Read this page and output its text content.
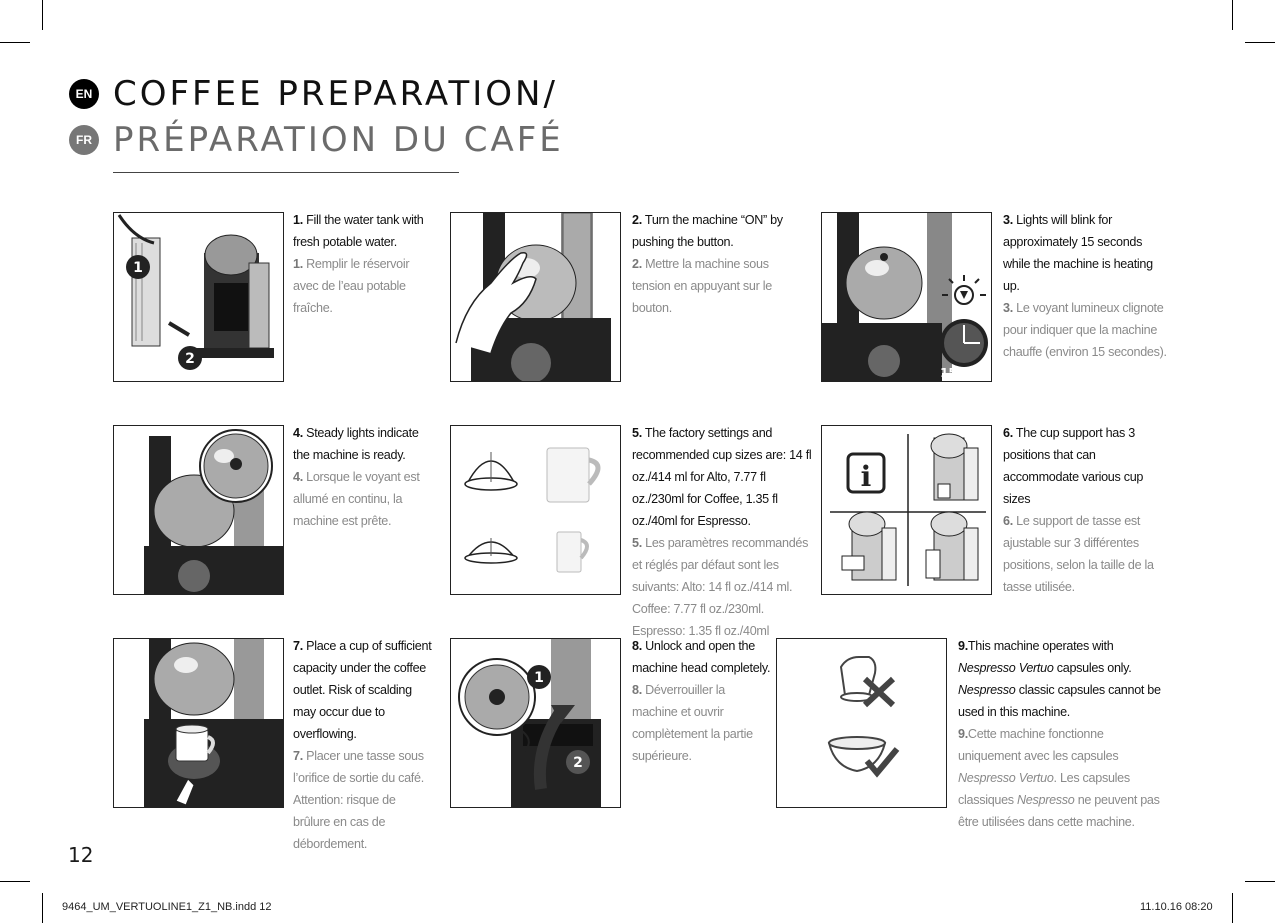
EN
FR
COFFEE PREPARATION/
PRÉPARATION DU CAFÉ
1
2

1. Fill the water tank with fresh potable water.

1. Remplir le réservoir avec de l’eau potable fraîche.

2. Turn the machine “ON” by pushing the button.

2. Mettre la machine sous tension en appuyant sur le bouton.

15 sec.

3. Lights will blink for approximately 15 seconds while the machine is heating up.

3. Le voyant lumineux clignote pour indiquer que la machine chauffe (environ 15 secondes).

4. Steady lights indicate the machine is ready.

4. Lorsque le voyant est allumé en continu, la machine est prête.

5. The factory settings and recommended cup sizes are: 14 fl oz./414 ml for Alto, 7.77 fl oz./230ml for Coffee, 1.35 fl oz./40ml for Espresso.

5. Les paramètres recommandés et réglés par défaut sont les suivants: Alto: 14 fl oz./414 ml. Coffee: 7.77 fl oz./230ml. Espresso: 1.35 fl oz./40ml

i

6. The cup support has 3 positions that can accommodate various cup sizes

6. Le support de tasse est ajustable sur 3 différentes positions, selon la taille de la tasse utilisée.

7. Place a cup of sufficient capacity under the coffee outlet. Risk of scalding may occur due to overflowing.

7. Placer une tasse sous l’orifice de sortie du café. Attention: risque de brûlure en cas de débordement.

1
2

8. Unlock and open the machine head completely.

8. Déverrouiller la machine et ouvrir complètement la partie supérieure.

9.This machine operates with Nespresso Vertuo capsules only. Nespresso classic capsules cannot be used in this machine.

9.Cette machine fonctionne uniquement avec les capsules Nespresso Vertuo. Les capsules classiques Nespresso ne peuvent pas être utilisées dans cette machine.

12
9464_UM_VERTUOLINE1_Z1_NB.indd 12	11.10.16 08:20
